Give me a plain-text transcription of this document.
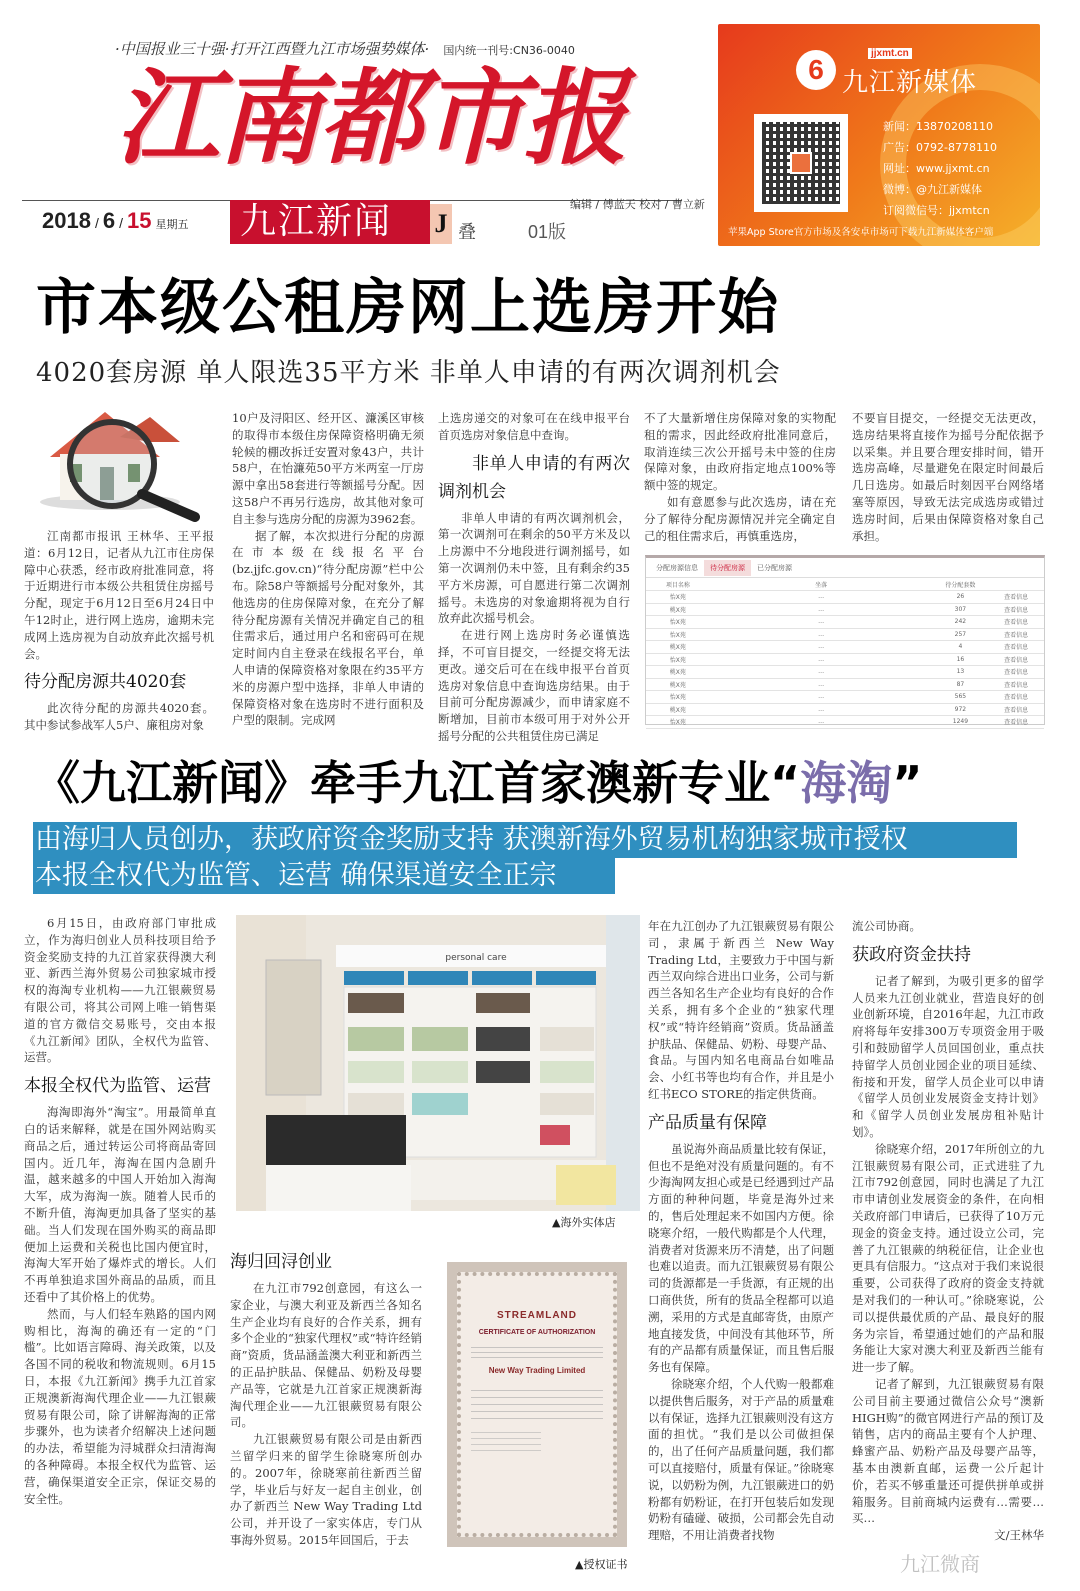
·中国报业三十强·打开江西暨九江市场强势媒体· 国内统一刊号:CN36-0040
江南都市报
2018 / 6 / 15 星期五 九江新闻	J 叠	01版
编辑 / 傅蓝天 校对 / 曹立新
6
jjxmt.cn
九江新媒体
新闻：13870208110
广告：0792-8778110
网址：www.jjxmt.cn
微博：@九江新媒体
订阅微信号：jjxmtcn
苹果App Store官方市场及各安卓市场可下载九江新媒体客户端
市本级公租房网上选房开始
4020套房源 单人限选35平方米 非单人申请的有两次调剂机会

江南都市报讯 王林华、王平报道：6月12日，记者从九江市住房保障中心获悉，经市政府批准同意，将于近期进行市本级公共租赁住房摇号分配，现定于6月12日至6月24日中午12时止，进行网上选房，逾期未完成网上选房视为自动放弃此次摇号机会。

待分配房源共4020套

此次待分配的房源共4020套。其中参试参战军人5户、廉租房对象

10户及浔阳区、经开区、濂溪区审核的取得市本级住房保障资格明确无须轮候的棚改拆迁安置对象43户，共计58户，在怡濂苑50平方米两室一厅房源中拿出58套进行等额摇号分配。因这58户不再另行选房，故其他对象可自主参与选房分配的房源为3962套。

据了解，本次拟进行分配的房源在市本级在线报名平台(bz.jjfc.gov.cn)“待分配房源”栏中公布。除58户等额摇号分配对象外，其他选房的住房保障对象，在充分了解待分配房源有关情况并确定自己的租住需求后，通过用户名和密码可在规定时间内自主登录在线报名平台，单人申请的保障资格对象限在约35平方米的房源户型中选择，非单人申请的保障资格对象在选房时不进行面积及户型的限制。完成网

上选房递交的对象可在在线申报平台首页选房对象信息中查询。

非单人申请的有两次调剂机会

非单人申请的有两次调剂机会，第一次调剂可在剩余的50平方米及以上房源中不分地段进行调剂摇号，如第一次调剂仍未中签，且有剩余约35平方米房源，可自愿进行第二次调剂摇号。未选房的对象逾期将视为自行放弃此次摇号机会。

在进行网上选房时务必谨慎选择，不可盲目提交，一经提交将无法更改。递交后可在在线申报平台首页选房对象信息中查询选房结果。由于目前可分配房源减少，而申请家庭不断增加，目前市本级可用于对外公开摇号分配的公共租赁住房已满足

不了大量新增住房保障对象的实物配租的需求，因此经政府批准同意后，取消连续三次公开摇号未中签的住房保障对象，由政府指定地点100%等额中签的规定。

如有意愿参与此次选房，请在充分了解待分配房源情况并完全确定自己的租住需求后，再慎重选房，

不要盲目提交，一经提交无法更改，选房结果将直接作为摇号分配依据予以采集。并且要合理安排时间，错开选房高峰，尽量避免在限定时间最后几日选房。如最后时刻因平台网络堵塞等原因，导致无法完成选房或错过选房时间，后果由保障资格对象自己承担。

分配房源信息	待分配房源	已分配房源
项目名称	坐落	待分配套数	
怡X苑	…	26	查看信息
桃X苑	…	307	查看信息
怡X苑	…	242	查看信息
怡X苑	…	257	查看信息
桃X苑	…	4	查看信息
怡X苑	…	16	查看信息
桃X苑	…	13	查看信息
桃X苑	…	87	查看信息
怡X苑	…	565	查看信息
桃X苑	…	972	查看信息
怡X苑	…	1249	查看信息
《九江新闻》牵手九江首家澳新专业“海淘”
由海归人员创办，获政府资金奖励支持 获澳新海外贸易机构独家城市授权
本报全权代为监管、运营 确保渠道安全正宗

6月15日，由政府部门审批成立，作为海归创业人员科技项目给予资金奖励支持的九江首家获得澳大利亚、新西兰海外贸易公司独家城市授权的海淘专业机构——九江银蕨贸易有限公司，将其公司网上唯一销售渠道的官方微信交易账号，交由本报《九江新闻》团队，全权代为监管、运营。

本报全权代为监管、运营

海淘即海外“淘宝”。用最简单直白的话来解释，就是在国外网站购买商品之后，通过转运公司将商品寄回国内。近几年，海淘在国内急剧升温，越来越多的中国人开始加入海淘大军，成为海淘一族。随着人民币的不断升值，海淘更加具备了坚实的基础。当人们发现在国外购买的商品即便加上运费和关税也比国内便宜时，海淘大军开始了爆炸式的增长。人们不再单独追求国外商品的品质，而且还看中了其价格上的优势。

然而，与人们轻车熟路的国内网购相比，海淘的确还有一定的“门槛”。比如语言障碍、海关政策，以及各国不同的税收和物流规则。6月15日，本报《九江新闻》携手九江首家正规澳新海淘代理企业——九江银蕨贸易有限公司，除了讲解海淘的正常步骤外，也为读者介绍解决上述问题的办法，希望能为浔城群众扫清海淘的各种障碍。本报全权代为监管、运营，确保渠道安全正宗，保证交易的安全性。

personal care
▲海外实体店
海归回浔创业

在九江市792创意园，有这么一家企业，与澳大利亚及新西兰各知名生产企业均有良好的合作关系，拥有多个企业的“独家代理权”或“特许经销商”资质，货品涵盖澳大利亚和新西兰的正品护肤品、保健品、奶粉及母婴产品等，它就是九江首家正规澳新海淘代理企业——九江银蕨贸易有限公司。

九江银蕨贸易有限公司是由新西兰留学归来的留学生徐晓寒所创办的。2007年，徐晓寒前往新西兰留学，毕业后与好友一起自主创业，创办了新西兰 New Way Trading Ltd公司，并开设了一家实体店，专门从事海外贸易。2015年回国后，于去

STREAMLAND
CERTIFICATE OF AUTHORIZATION
New Way Trading Limited
▲授权证书

年在九江创办了九江银蕨贸易有限公司，隶属于新西兰 New Way Trading Ltd，主要致力于中国与新西兰双向综合进出口业务，公司与新西兰各知名生产企业均有良好的合作关系，拥有多个企业的“独家代理权”或“特许经销商”资质。货品涵盖护肤品、保健品、奶粉、母婴产品、食品。与国内知名电商品台如唯品会、小红书等也均有合作，并且是小红书ECO STORE的指定供货商。

产品质量有保障

虽说海外商品质量比较有保证，但也不是绝对没有质量问题的。有不少海淘网友担心或是已经遇到过产品方面的种种问题，毕竟是海外过来的，售后处理起来不如国内方便。徐晓寒介绍，一般代购都是个人代理，消费者对货源来历不清楚，出了问题也难以追责。而九江银蕨贸易有限公司的货源都是一手货源，有正规的出口商供货，所有的货品全程都可以追溯，采用的方式是直邮寄货，由原产地直接发货，中间没有其他环节，所有的产品都有质量保证，而且售后服务也有保障。

徐晓寒介绍，个人代购一般都难以提供售后服务，对于产品的质量难以有保证，选择九江银蕨则没有这方面的担忧。“我们是以公司做担保的，出了任何产品质量问题，我们都可以直接赔付，质量有保证。”徐晓寒说，以奶粉为例，九江银蕨进口的奶粉都有奶粉证，在打开包装后如发现奶粉有磕碰、破损，公司都会先自动理赔，不用让消费者找物

流公司协商。

获政府资金扶持

记者了解到，为吸引更多的留学人员来九江创业就业，营造良好的创业创新环境，自2016年起，九江市政府将每年安排300万专项资金用于吸引和鼓励留学人员回国创业，重点扶持留学人员创业园企业的项目延续、衔接和开发，留学人员企业可以申请《留学人员创业发展资金支持计划》和《留学人员创业发展房租补贴计划》。

徐晓寒介绍，2017年所创立的九江银蕨贸易有限公司，正式进驻了九江市792创意园，同时也满足了九江市申请创业发展资金的条件，在向相关政府部门申请后，已获得了10万元现金的资金支持。通过设立公司，完善了九江银蕨的纳税征信，让企业也更具有信服力。“这点对于我们来说很重要，公司获得了政府的资金支持就是对我们的一种认可。”徐晓寒说，公司以提供最优质的产品、最良好的服务为宗旨，希望通过她们的产品和服务能让大家对澳大利亚及新西兰能有进一步了解。

记者了解到，九江银蕨贸易有限公司目前主要通过微信公众号“澳新HIGH购”的微官网进行产品的预订及销售，店内的商品主要有个人护理、蜂蜜产品、奶粉产品及母婴产品等，基本由澳新直邮，运费一公斤起计价，若买不够重量还可提供拼单或拼箱服务。目前商城内运费有…需要…买…

文/王林华
九江微商
